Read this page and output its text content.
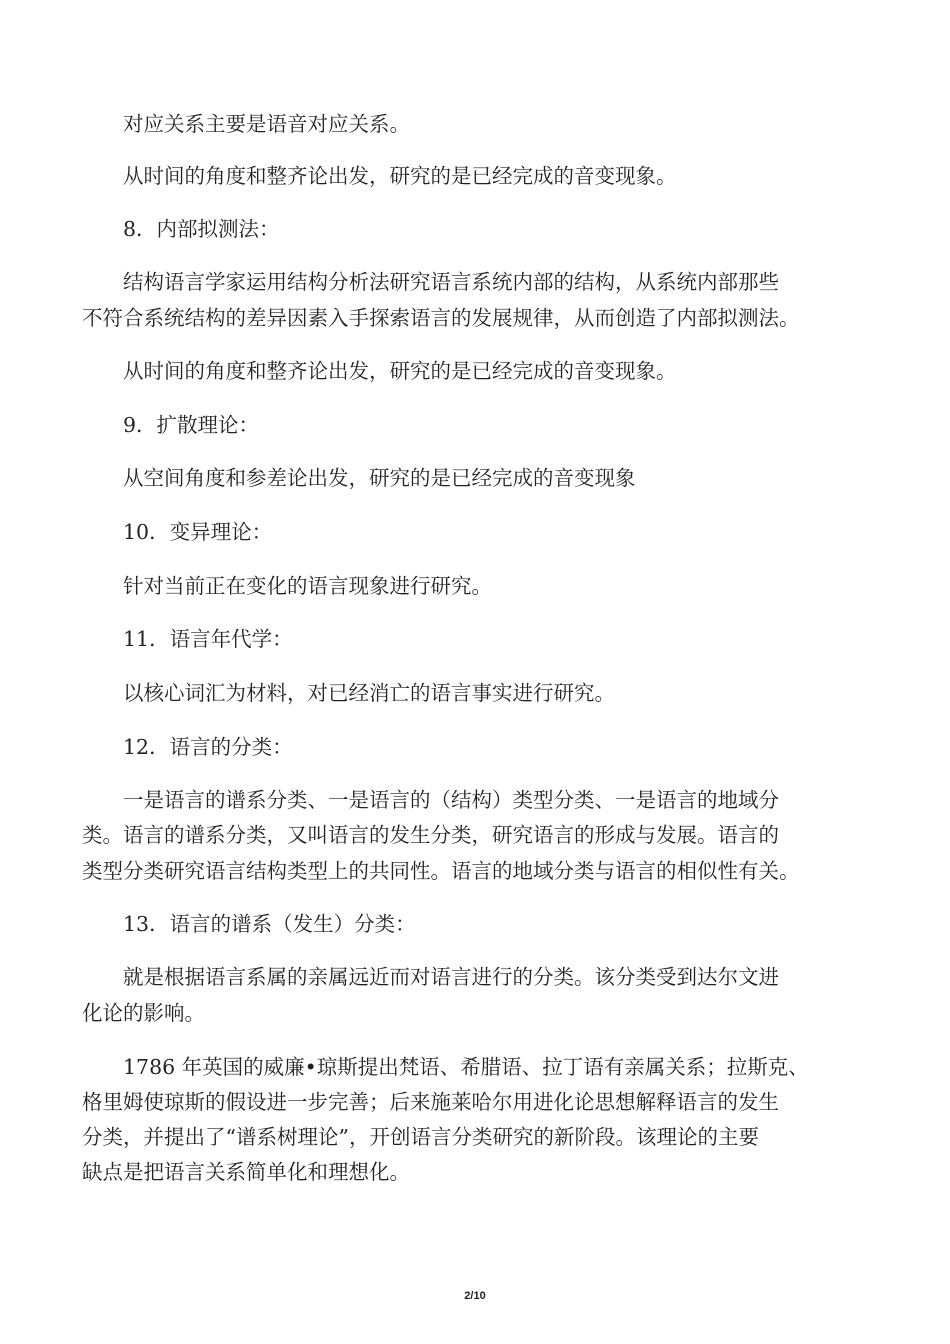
对应关系主要是语音对应关系。

从时间的角度和整齐论出发，研究的是已经完成的音变现象。

8．内部拟测法：

结构语言学家运用结构分析法研究语言系统内部的结构，从系统内部那些

不符合系统结构的差异因素入手探索语言的发展规律，从而创造了内部拟测法。

从时间的角度和整齐论出发，研究的是已经完成的音变现象。

9．扩散理论：

从空间角度和参差论出发，研究的是已经完成的音变现象

10．变异理论：

针对当前正在变化的语言现象进行研究。

11．语言年代学：

以核心词汇为材料，对已经消亡的语言事实进行研究。

12．语言的分类：

一是语言的谱系分类、一是语言的（结构）类型分类、一是语言的地域分

类。语言的谱系分类，又叫语言的发生分类，研究语言的形成与发展。语言的

类型分类研究语言结构类型上的共同性。语言的地域分类与语言的相似性有关。

13．语言的谱系（发生）分类：

就是根据语言系属的亲属远近而对语言进行的分类。该分类受到达尔文进

化论的影响。

1786 年英国的威廉•琼斯提出梵语、希腊语、拉丁语有亲属关系；拉斯克、

格里姆使琼斯的假设进一步完善；后来施莱哈尔用进化论思想解释语言的发生

分类，并提出了“谱系树理论”，开创语言分类研究的新阶段。该理论的主要

缺点是把语言关系简单化和理想化。

2/10
